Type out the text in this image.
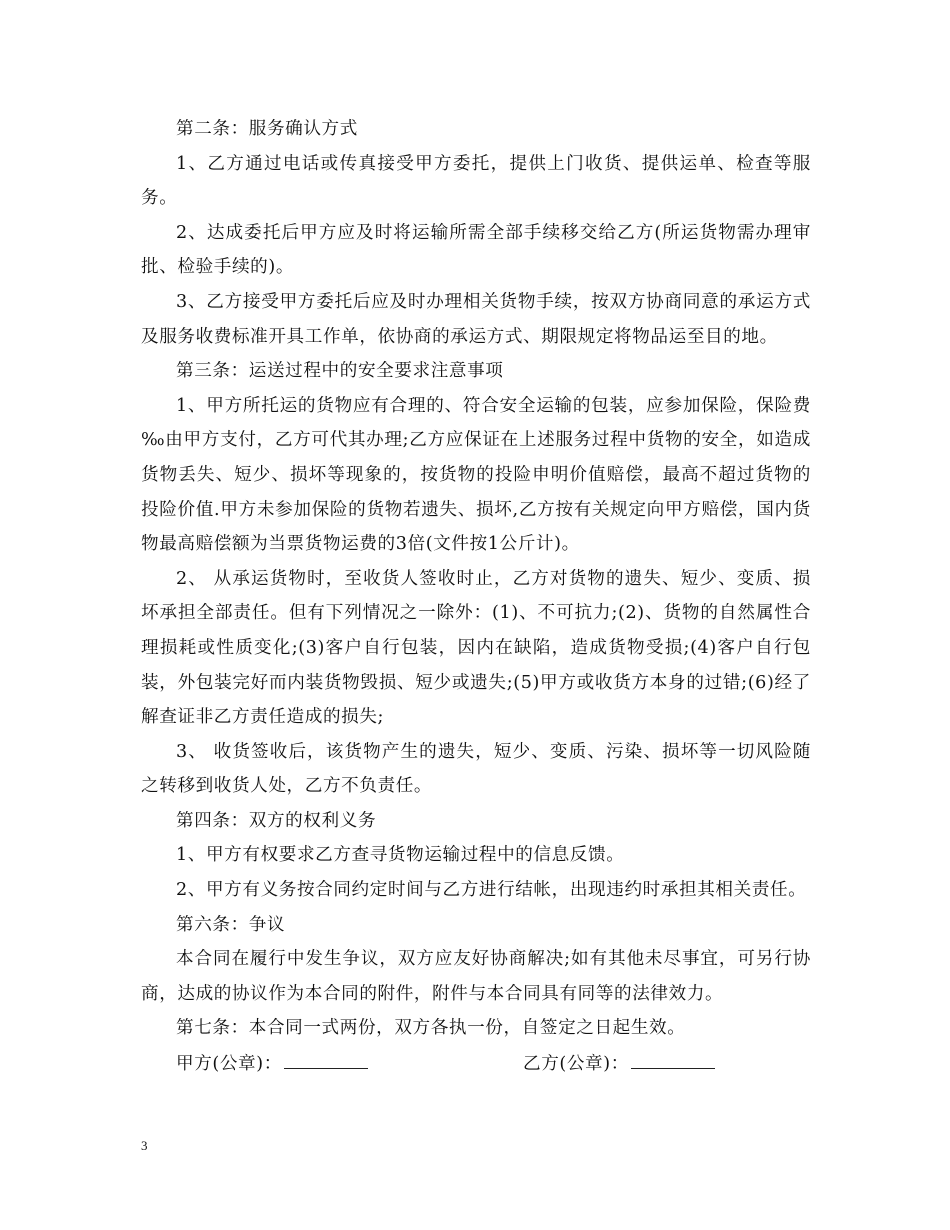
第二条：服务确认方式

1、乙方通过电话或传真接受甲方委托，提供上门收货、提供运单、检查等服务。

2、达成委托后甲方应及时将运输所需全部手续移交给乙方(所运货物需办理审批、检验手续的)。

3、乙方接受甲方委托后应及时办理相关货物手续，按双方协商同意的承运方式及服务收费标准开具工作单，依协商的承运方式、期限规定将物品运至目的地。

第三条：运送过程中的安全要求注意事项

1、甲方所托运的货物应有合理的、符合安全运输的包装，应参加保险，保险费 ‰由甲方支付，乙方可代其办理;乙方应保证在上述服务过程中货物的安全，如造成货物丢失、短少、损坏等现象的，按货物的投险申明价值赔偿，最高不超过货物的投险价值.甲方未参加保险的货物若遗失、损坏,乙方按有关规定向甲方赔偿，国内货物最高赔偿额为当票货物运费的3倍(文件按1公斤计)。

2、 从承运货物时，至收货人签收时止，乙方对货物的遗失、短少、变质、损坏承担全部责任。但有下列情况之一除外：(1)、不可抗力;(2)、货物的自然属性合理损耗或性质变化;(3)客户自行包装，因内在缺陷，造成货物受损;(4)客户自行包装，外包装完好而内装货物毁损、短少或遗失;(5)甲方或收货方本身的过错;(6)经了解查证非乙方责任造成的损失;

3、 收货签收后，该货物产生的遗失，短少、变质、污染、损坏等一切风险随之转移到收货人处，乙方不负责任。

第四条：双方的权利义务

1、甲方有权要求乙方查寻货物运输过程中的信息反馈。

2、甲方有义务按合同约定时间与乙方进行结帐，出现违约时承担其相关责任。

第六条：争议

本合同在履行中发生争议，双方应友好协商解决;如有其他未尽事宜，可另行协商，达成的协议作为本合同的附件，附件与本合同具有同等的法律效力。

第七条：本合同一式两份，双方各执一份，自签定之日起生效。

甲方(公章)：	乙方(公章)：
3
